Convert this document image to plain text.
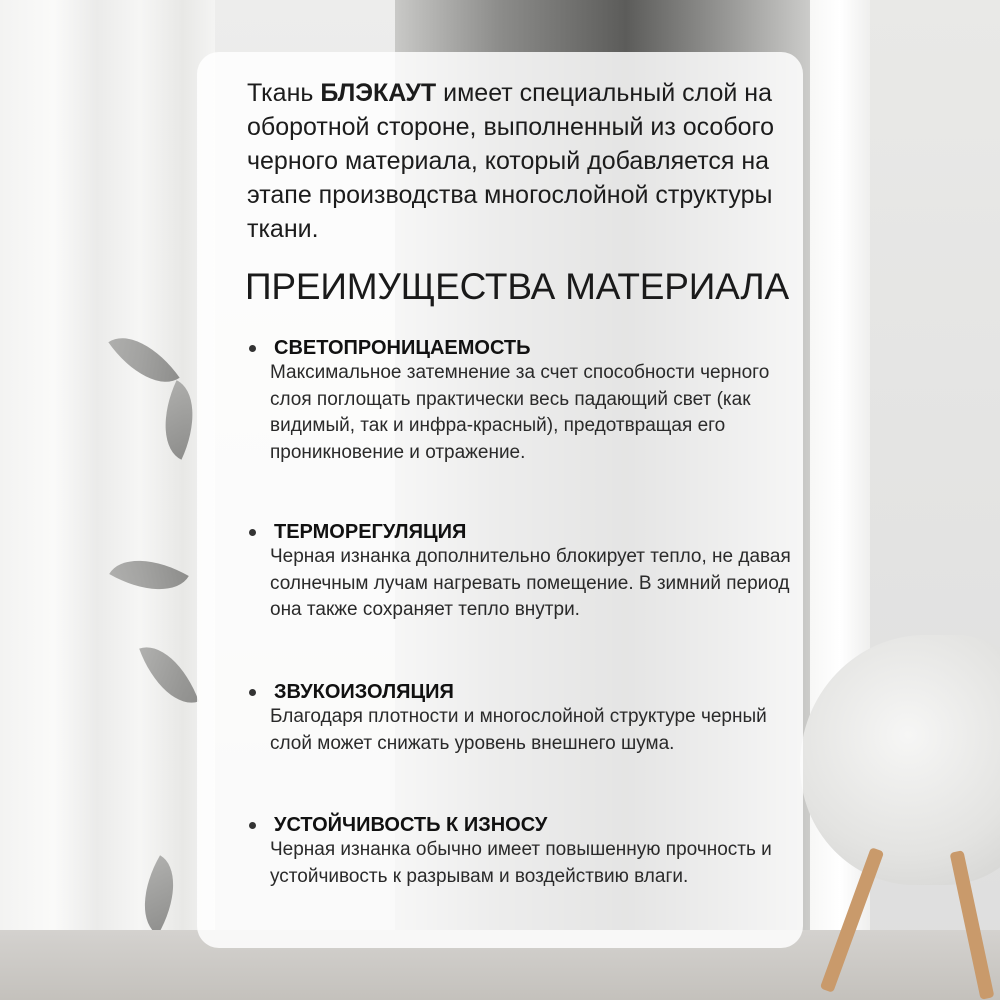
Ткань БЛЭКАУТ имеет специальный слой на оборотной стороне, выполненный из особого черного материала, который добавляется на этапе производства многослойной структуры ткани.
ПРЕИМУЩЕСТВА МАТЕРИАЛА
СВЕТОПРОНИЦАЕМОСТЬ
Максимальное затемнение за счет способности черного слоя поглощать практически весь падающий свет (как видимый, так и инфра-красный), предотвращая его проникновение и отражение.
ТЕРМОРЕГУЛЯЦИЯ
Черная изнанка дополнительно блокирует тепло, не давая солнечным лучам нагревать помещение. В зимний период она также сохраняет тепло внутри.
ЗВУКОИЗОЛЯЦИЯ
Благодаря плотности и многослойной структуре черный слой может снижать уровень внешнего шума.
УСТОЙЧИВОСТЬ К ИЗНОСУ
Черная изнанка обычно имеет повышенную прочность и устойчивость к разрывам и воздействию влаги.
